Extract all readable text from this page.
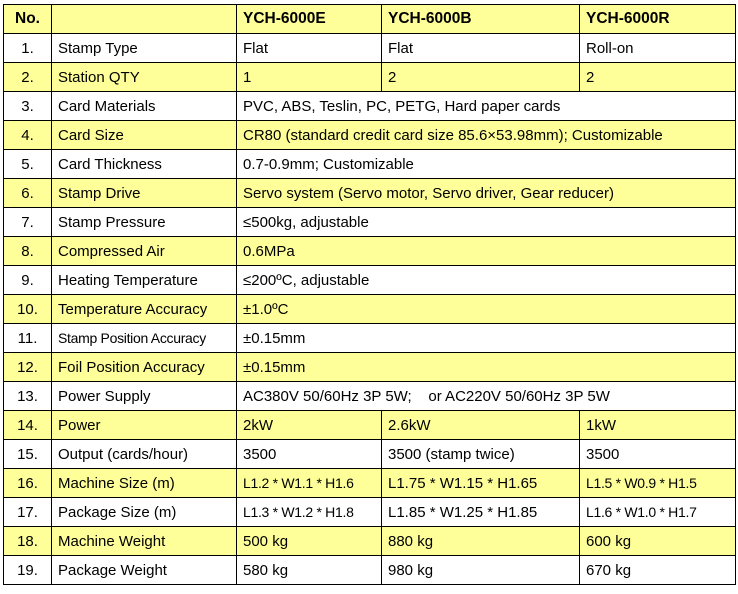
No.		YCH-6000E	YCH-6000B	YCH-6000R
1.	Stamp Type	Flat	Flat	Roll-on
2.	Station QTY	1	2	2
3.	Card Materials	PVC, ABS, Teslin, PC, PETG, Hard paper cards		
4.	Card Size	CR80 (standard credit card size 85.6×53.98mm); Customizable		
5.	Card Thickness	0.7-0.9mm; Customizable		
6.	Stamp Drive	Servo system (Servo motor, Servo driver, Gear reducer)		
7.	Stamp Pressure	≤500kg, adjustable		
8.	Compressed Air	0.6MPa		
9.	Heating Temperature	≤200ºC, adjustable		
10.	Temperature Accuracy	±1.0ºC		
11.	Stamp Position Accuracy	±0.15mm		
12.	Foil Position Accuracy	±0.15mm		
13.	Power Supply	AC380V 50/60Hz 3P 5W;    or AC220V 50/60Hz 3P 5W		
14.	Power	2kW	2.6kW	1kW
15.	Output (cards/hour)	3500	3500 (stamp twice)	3500
16.	Machine Size (m)	L1.2 * W1.1 * H1.6	L1.75 * W1.15 * H1.65	L1.5 * W0.9 * H1.5
17.	Package Size (m)	L1.3 * W1.2 * H1.8	L1.85 * W1.25 * H1.85	L1.6 * W1.0 * H1.7
18.	Machine Weight	500 kg	880 kg	600 kg
19.	Package Weight	580 kg	980 kg	670 kg
